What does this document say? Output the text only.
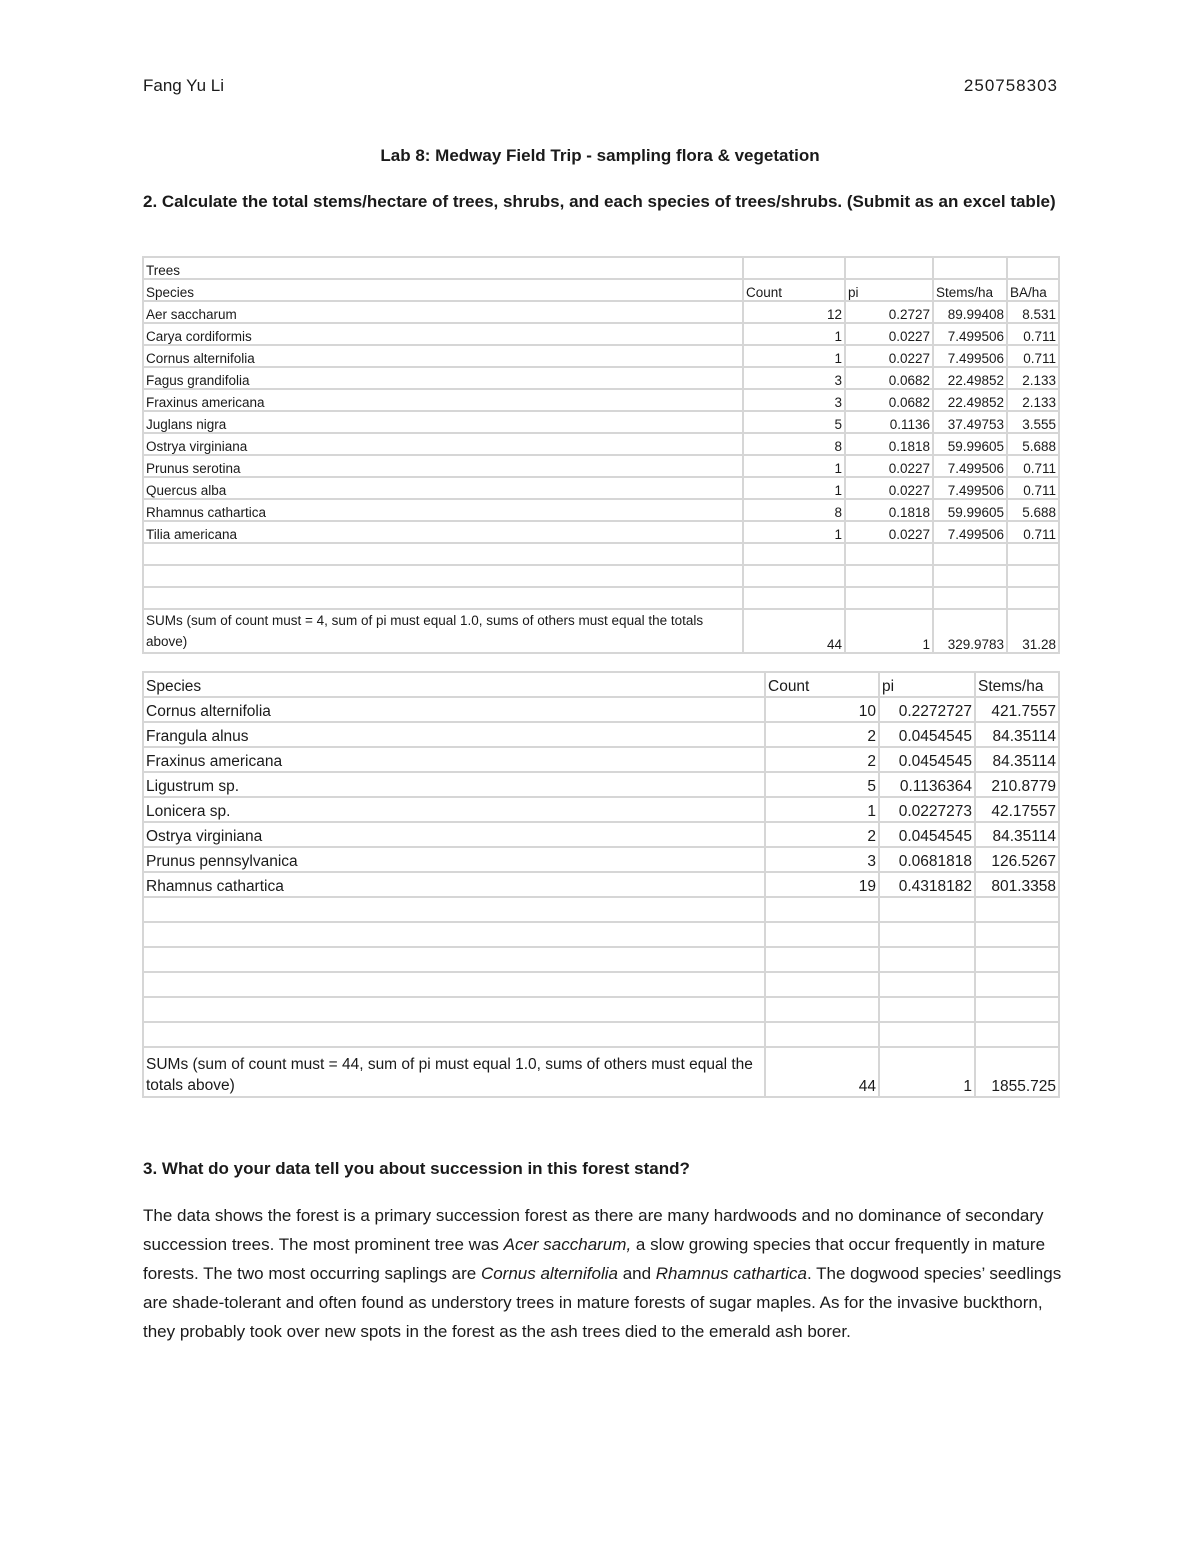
Fang Yu Li	250758303
Lab 8: Medway Field Trip - sampling flora & vegetation
2. Calculate the total stems/hectare of trees, shrubs, and each species of trees/shrubs. (Submit as an excel table)
Trees				
Species	Count	pi	Stems/ha	BA/ha
Aer saccharum	12	0.2727	89.99408	8.531
Carya cordiformis	1	0.0227	7.499506	0.711
Cornus alternifolia	1	0.0227	7.499506	0.711
Fagus grandifolia	3	0.0682	22.49852	2.133
Fraxinus americana	3	0.0682	22.49852	2.133
Juglans nigra	5	0.1136	37.49753	3.555
Ostrya virginiana	8	0.1818	59.99605	5.688
Prunus serotina	1	0.0227	7.499506	0.711
Quercus alba	1	0.0227	7.499506	0.711
Rhamnus cathartica	8	0.1818	59.99605	5.688
Tilia americana	1	0.0227	7.499506	0.711

SUMs (sum of count must = 4, sum of pi must equal 1.0, sums of others must equal the totals above)	44	1	329.9783	31.28
Species	Count	pi	Stems/ha
Cornus alternifolia	10	0.2272727	421.7557
Frangula alnus	2	0.0454545	84.35114
Fraxinus americana	2	0.0454545	84.35114
Ligustrum sp.	5	0.1136364	210.8779
Lonicera sp.	1	0.0227273	42.17557
Ostrya virginiana	2	0.0454545	84.35114
Prunus pennsylvanica	3	0.0681818	126.5267
Rhamnus cathartica	19	0.4318182	801.3358

SUMs (sum of count must = 44, sum of pi must equal 1.0, sums of others must equal the totals above)	44	1	1855.725
3. What do your data tell you about succession in this forest stand?
The data shows the forest is a primary succession forest as there are many hardwoods and no dominance of secondary succession trees. The most prominent tree was Acer saccharum, a slow growing species that occur frequently in mature forests. The two most occurring saplings are Cornus alternifolia and Rhamnus cathartica. The dogwood species’ seedlings are shade-tolerant and often found as understory trees in mature forests of sugar maples. As for the invasive buckthorn, they probably took over new spots in the forest as the ash trees died to the emerald ash borer.
